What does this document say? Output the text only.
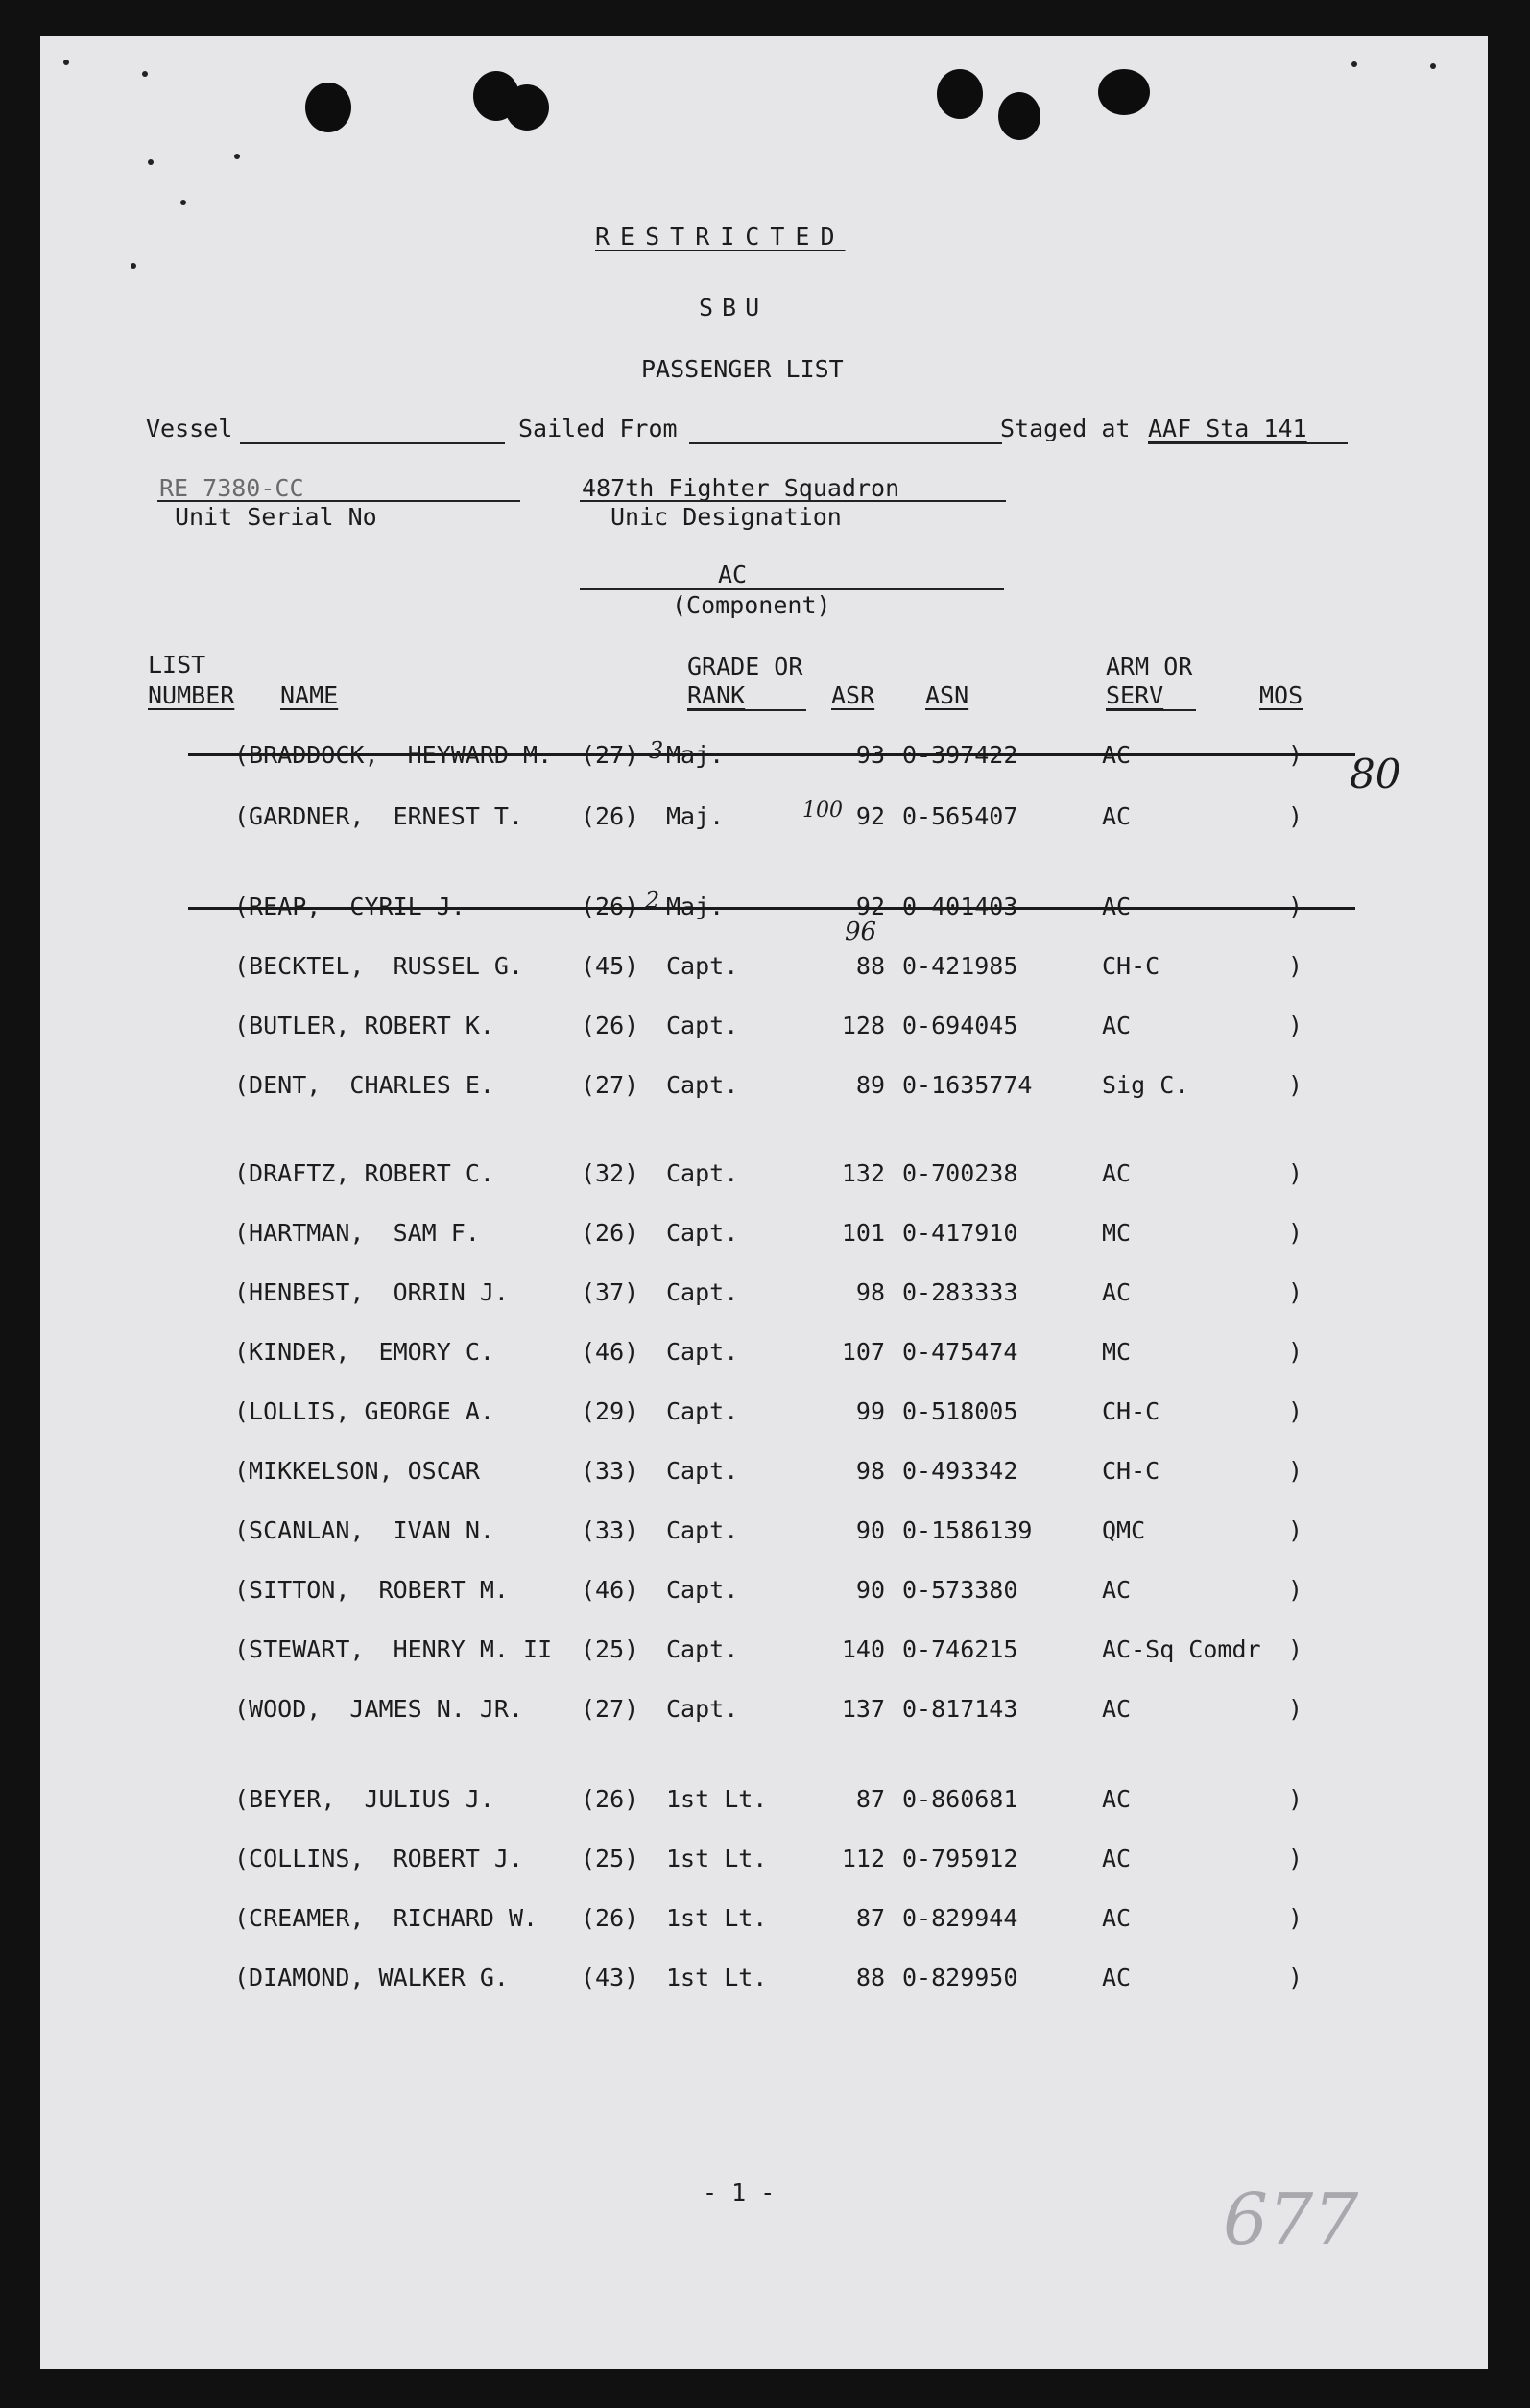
RESTRICTED
SBU
PASSENGER LIST
Vessel	Sailed From	Staged at AAF Sta 141
RE 7380-CC
Unit Serial No
487th Fighter Squadron
Unic Designation
AC
(Component)
LIST
NUMBER NAME
GRADE OR
RANK	ASR ASN
ARM OR
SERV	MOS
(BRADDOCK,  HEYWARD M. (27) Maj.	93 0-397422	AC	)
(GARDNER,  ERNEST T. (26) Maj.	92 0-565407	AC	)
(REAP,  CYRIL J.	(26) Maj.	92 0-401403	AC	)
(BECKTEL,  RUSSEL G. (45) Capt.	88 0-421985	CH-C	)
(BUTLER, ROBERT K.	(26) Capt.	128 0-694045	AC	)
(DENT,  CHARLES E.	(27) Capt.	89 0-1635774	Sig C.	)
(DRAFTZ, ROBERT C.	(32) Capt.	132 0-700238	AC	)
(HARTMAN,  SAM F.	(26) Capt.	101 0-417910	MC	)
(HENBEST,  ORRIN J.	(37) Capt.	98 0-283333	AC	)
(KINDER,  EMORY C.	(46) Capt.	107 0-475474	MC	)
(LOLLIS, GEORGE A.	(29) Capt.	99 0-518005	CH-C	)
(MIKKELSON, OSCAR	(33) Capt.	98 0-493342	CH-C	)
(SCANLAN,  IVAN N.	(33) Capt.	90 0-1586139	QMC	)
(SITTON,  ROBERT M.	(46) Capt.	90 0-573380	AC	)
(STEWART,  HENRY M. II (25) Capt.	140 0-746215	AC-Sq Comdr )
(WOOD,  JAMES N. JR. (27) Capt.	137 0-817143	AC	)
(BEYER,  JULIUS J.	(26) 1st Lt.	87 0-860681	AC	)
(COLLINS,  ROBERT J. (25) 1st Lt.	112 0-795912	AC	)
(CREAMER,  RICHARD W. (26) 1st Lt.	87 0-829944	AC	)
(DIAMOND, WALKER G.	(43) 1st Lt.	88 0-829950	AC	)
80
3
2
100
96
677
- 1 -
